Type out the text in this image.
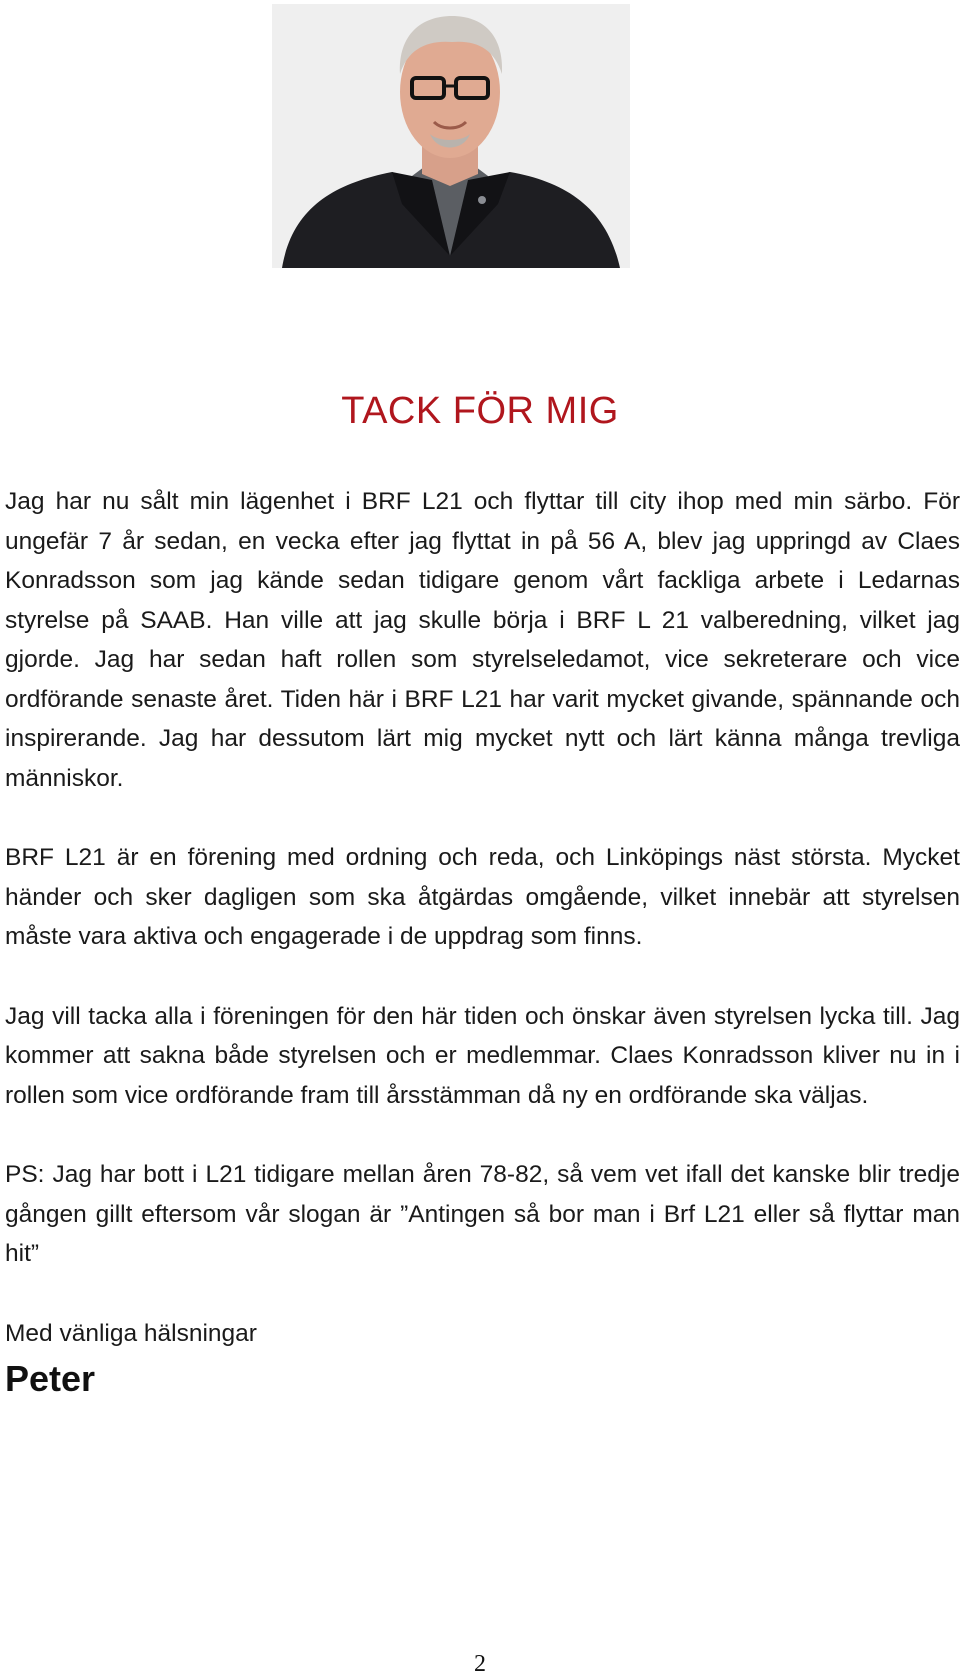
TACK FÖR MIG

Jag har nu sålt min lägenhet i BRF L21 och flyttar till city ihop med min särbo. För ungefär 7 år sedan, en vecka efter jag flyttat in på 56 A, blev jag uppringd av Claes Konradsson som jag kände sedan tidigare genom vårt fackliga arbete i Ledarnas styrelse på SAAB. Han ville att jag skulle börja i BRF L 21 valberedning, vilket jag gjorde. Jag har sedan haft rollen som styrelseledamot, vice sekreterare och vice ordförande senaste året. Tiden här i BRF L21 har varit mycket givande, spännande och inspirerande. Jag har dessutom lärt mig mycket nytt och lärt känna många trevliga människor.

BRF L21 är en förening med ordning och reda, och Linköpings näst största. Mycket händer och sker dagligen som ska åtgärdas omgående, vilket innebär att styrelsen måste vara aktiva och engagerade i de uppdrag som finns.

Jag vill tacka alla i föreningen för den här tiden och önskar även styrelsen lycka till. Jag kommer att sakna både styrelsen och er medlemmar. Claes Konradsson kliver nu in i rollen som vice ordförande fram till årsstämman då ny en ordförande ska väljas.

PS: Jag har bott i L21 tidigare mellan åren 78-82, så vem vet ifall det kanske blir tredje gången gillt eftersom vår slogan är ”Antingen så bor man i Brf L21 eller så flyttar man hit”

Med vänliga hälsningar

Peter

2
